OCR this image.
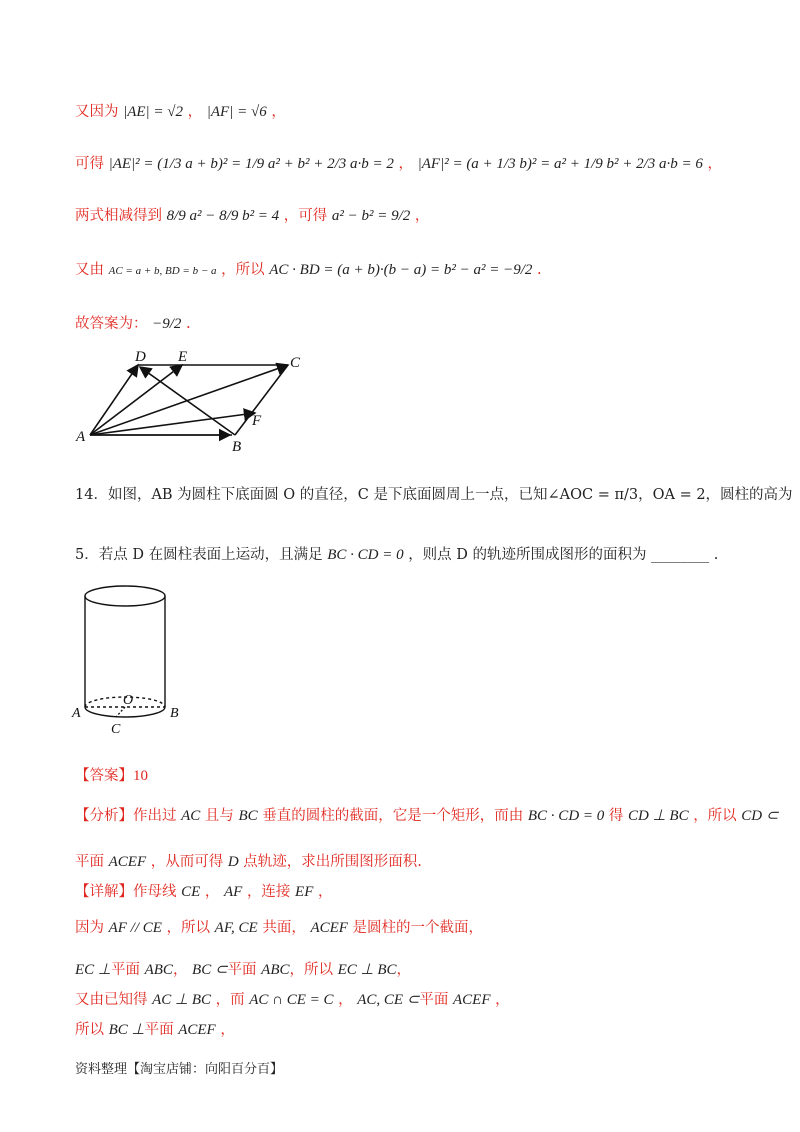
又因为 |AE| = √2 ， |AF| = √6 ，
可得 |AE|² = (1/3 a + b)² = 1/9 a² + b² + 2/3 a·b = 2 ， |AF|² = (a + 1/3 b)² = a² + 1/9 b² + 2/3 a·b = 6 ，
两式相减得到 8/9 a² − 8/9 b² = 4 ，可得 a² − b² = 9/2 ，
又由 AC = a + b, BD = b − a ，所以 AC · BD = (a + b)·(b − a) = b² − a² = −9/2 .
故答案为： −9/2 .
D E	C
F
A
B
14．如图，AB 为圆柱下底面圆 O 的直径，C 是下底面圆周上一点，已知∠AOC = π/3，OA = 2，圆柱的高为
5．若点 D 在圆柱表面上运动，且满足 BC · CD = 0 ，则点 D 的轨迹所围成图形的面积为 ________ .
A	B
O
C
【答案】10
【分析】作出过 AC 且与 BC 垂直的圆柱的截面，它是一个矩形，而由 BC · CD = 0 得 CD ⊥ BC ，所以 CD ⊂
平面 ACEF ，从而可得 D 点轨迹，求出所围图形面积.
【详解】作母线 CE ， AF ，连接 EF ，
因为 AF // CE ，所以 AF, CE 共面， ACEF 是圆柱的一个截面，
EC ⊥平面 ABC， BC ⊂平面 ABC，所以 EC ⊥ BC，
又由已知得 AC ⊥ BC ，而 AC ∩ CE = C ， AC, CE ⊂平面 ACEF ，
所以 BC ⊥平面 ACEF ，
资料整理【淘宝店铺：向阳百分百】
